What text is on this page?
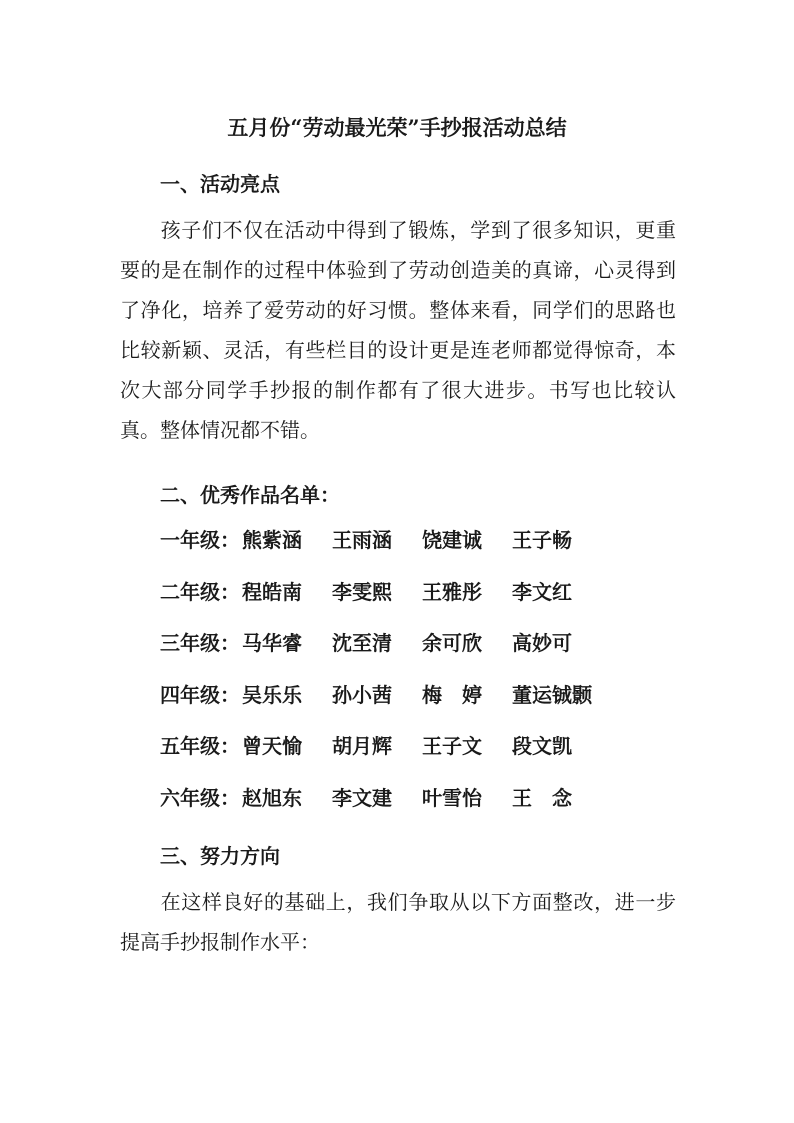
五月份“劳动最光荣”手抄报活动总结
一、活动亮点

孩子们不仅在活动中得到了锻炼，学到了很多知识，更重要的是在制作的过程中体验到了劳动创造美的真谛，心灵得到了净化，培养了爱劳动的好习惯。整体来看，同学们的思路也比较新颖、灵活，有些栏目的设计更是连老师都觉得惊奇，本次大部分同学手抄报的制作都有了很大进步。书写也比较认真。整体情况都不错。

二、优秀作品名单：
一年级： 熊紫涵	王雨涵	饶建诚	王子畅
二年级： 程皓南	李雯熙	王雅彤	李文红
三年级： 马华睿	沈至清	余可欣	高妙可
四年级： 吴乐乐	孙小茜	梅　婷	董运铖颢
五年级： 曾天愉	胡月辉	王子文	段文凯
六年级： 赵旭东	李文建	叶雪怡	王　念
三、努力方向

在这样良好的基础上，我们争取从以下方面整改，进一步提高手抄报制作水平：
